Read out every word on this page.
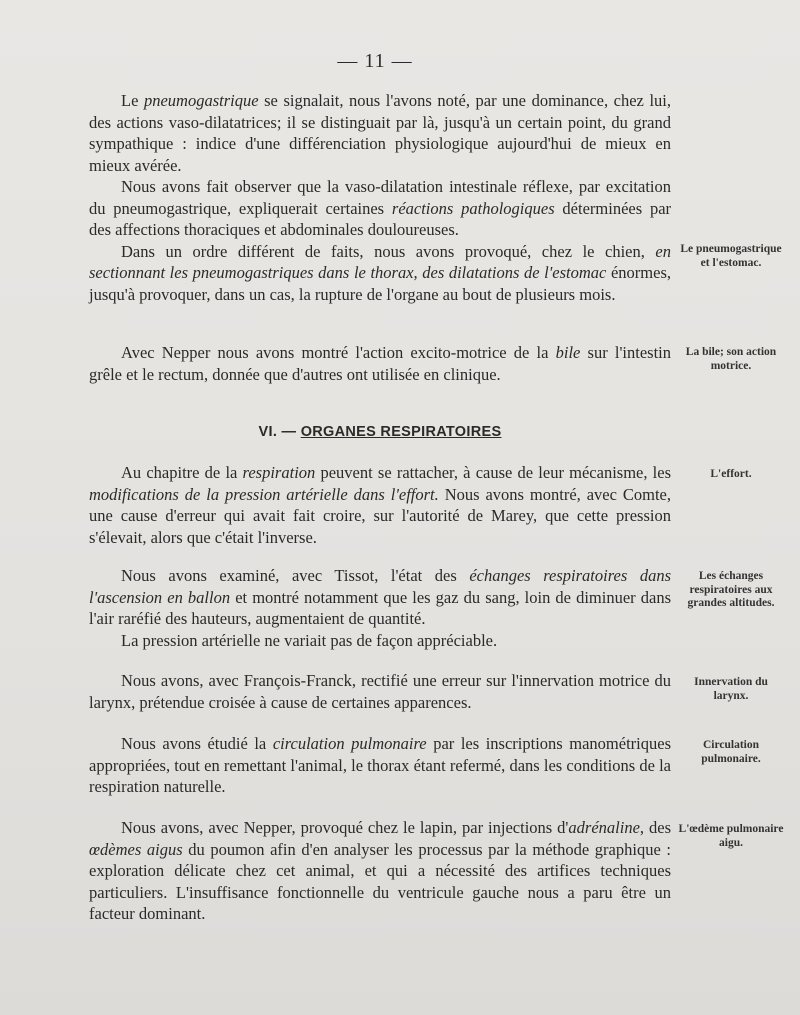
— 11 —

Le pneumogastrique se signalait, nous l'avons noté, par une dominance, chez lui, des actions vaso-dilatatrices; il se distinguait par là, jusqu'à un certain point, du grand sympathique : indice d'une différenciation physiologique aujourd'hui de mieux en mieux avérée.

Nous avons fait observer que la vaso-dilatation intestinale réflexe, par excitation du pneumogastrique, expliquerait certaines réactions pathologiques déterminées par des affections thoraciques et abdominales douloureuses.

Dans un ordre différent de faits, nous avons provoqué, chez le chien, en sectionnant les pneumogastriques dans le thorax, des dilatations de l'estomac énormes, jusqu'à provoquer, dans un cas, la rupture de l'organe au bout de plusieurs mois.

Avec Nepper nous avons montré l'action excito-motrice de la bile sur l'intestin grêle et le rectum, donnée que d'autres ont utilisée en clinique.

VI. — ORGANES RESPIRATOIRES

Au chapitre de la respiration peuvent se rattacher, à cause de leur mécanisme, les modifications de la pression artérielle dans l'effort. Nous avons montré, avec Comte, une cause d'erreur qui avait fait croire, sur l'autorité de Marey, que cette pression s'élevait, alors que c'était l'inverse.

Nous avons examiné, avec Tissot, l'état des échanges respiratoires dans l'ascension en ballon et montré notamment que les gaz du sang, loin de diminuer dans l'air raréfié des hauteurs, augmentaient de quantité.

La pression artérielle ne variait pas de façon appréciable.

Nous avons, avec François-Franck, rectifié une erreur sur l'innervation motrice du larynx, prétendue croisée à cause de certaines apparences.

Nous avons étudié la circulation pulmonaire par les inscriptions manométriques appropriées, tout en remettant l'animal, le thorax étant refermé, dans les conditions de la respiration naturelle.

Nous avons, avec Nepper, provoqué chez le lapin, par injections d'adrénaline, des œdèmes aigus du poumon afin d'en analyser les processus par la méthode graphique : exploration délicate chez cet animal, et qui a nécessité des artifices techniques particuliers. L'insuffisance fonctionnelle du ventricule gauche nous a paru être un facteur dominant.

Le pneumogastrique et l'estomac.
La bile; son action motrice.
L'effort.
Les échanges respiratoires aux grandes altitudes.
Innervation du larynx.
Circulation pulmonaire.
L'œdème pulmonaire aigu.
